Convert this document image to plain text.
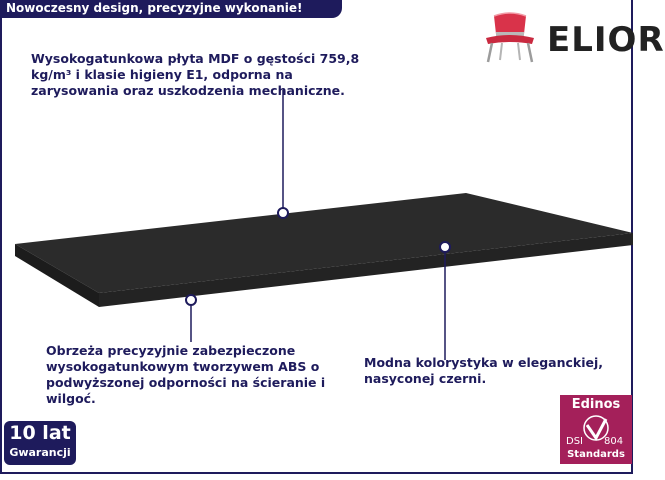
Nowoczesny design, precyzyjne wykonanie!
ELIOR
Wysokogatunkowa płyta MDF o gęstości 759,8 kg/m³ i klasie higieny E1, odporna na zarysowania oraz uszkodzenia mechaniczne.
Obrzeża precyzyjnie zabezpieczone wysokogatunkowym tworzywem ABS o podwyższonej odporności na ścieranie i wilgoć.
Modna kolorystyka w eleganckiej, nasyconej czerni.
10 lat
Gwarancji
Edinos
DSI 804
Standards
